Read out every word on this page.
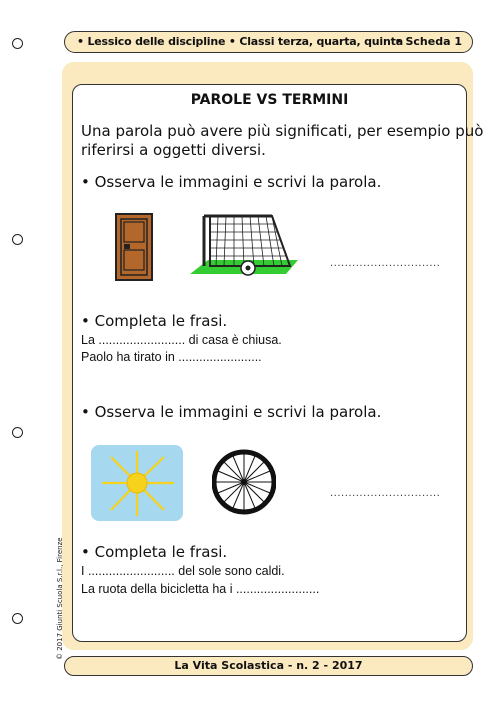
• Lessico delle discipline • Classi terza, quarta, quinta
• Scheda 1
PAROLE VS TERMINI
Una parola può avere più significati, per esempio può
riferirsi a oggetti diversi.
• Osserva le immagini e scrivi la parola.
..............................
• Completa le frasi.
La ......................... di casa è chiusa.
Paolo ha tirato in ........................
• Osserva le immagini e scrivi la parola.
..............................
• Completa le frasi.
I ......................... del sole sono caldi.
La ruota della bicicletta ha i ........................
© 2017 Giunti Scuola S.r.l., Firenze
La Vita Scolastica - n. 2 - 2017
